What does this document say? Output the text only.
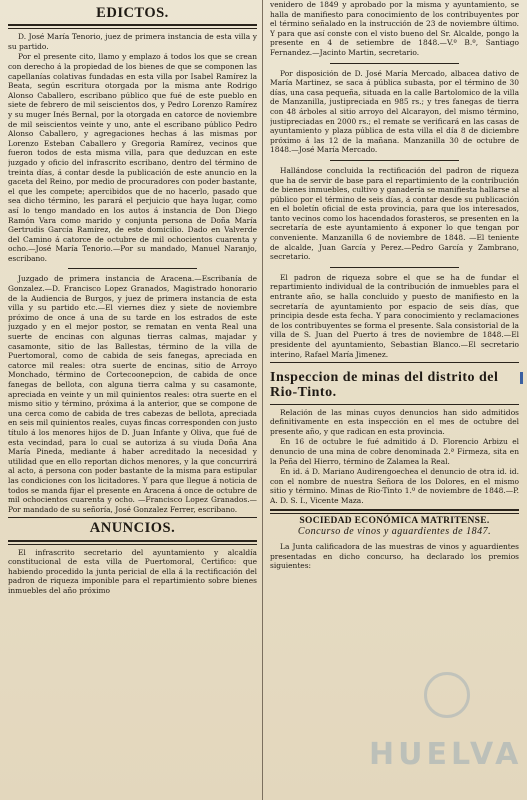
EDICTOS.

D. José María Tenorio, juez de primera instancia de esta villa y su partido.

Por el presente cito, llamo y emplazo á todos los que se crean con derecho á la propiedad de los bienes de que se componen las capellanías colativas fundadas en esta villa por Isabel Ramírez la Beata, según escritura otorgada por la misma ante Rodrigo Alonso Caballero, escribano público que fué de este pueblo en siete de febrero de mil seiscientos dos, y Pedro Lorenzo Ramírez y su muger Inés Bernal, por la otorgada en catorce de noviembre de mil seiscientos veinte y uno, ante el escribano público Pedro Alonso Caballero, y agregaciones hechas á las mismas por Lorenzo Esteban Caballero y Gregoria Ramírez, vecinos que fueron todos de esta misma villa, para que deduzcan en este juzgado y oficio del infrascrito escribano, dentro del término de treinta días, á contar desde la publicación de este anuncio en la gaceta del Reino, por medio de procuradores con poder bastante, el que les compete; apercibidos que de no hacerlo, pasado que sea dicho término, les parará el perjuicio que haya lugar, como así lo tengo mandado en los autos á instancia de Don Diego Ramón Vara como marido y conjunta persona de Doña María Gertrudis García Ramírez, de este domicilio. Dado en Valverde del Camino á catorce de octubre de mil ochocientos cuarenta y ocho.—José María Tenorio.—Por su mandado, Manuel Naranjo, escribano.

Juzgado de primera instancia de Aracena.—Escribanía de Gonzalez.—D. Francisco Lopez Granados, Magistrado honorario de la Audiencia de Burgos, y juez de primera instancia de esta villa y su partido etc.—El viernes diez y siete de noviembre próximo de once á una de su tarde en los estrados de este juzgado y en el mejor postor, se rematan en venta Real una suerte de encinas con algunas tierras calmas, majadar y casamonte, sitio de las Ballestas, término de la villa de Puertomoral, como de cabida de seis fanegas, apreciada en catorce mil reales: otra suerte de encinas, sitio de Arroyo Monchado, término de Cortecoonepcion, de cabida de once fanegas de bellota, con alguna tierra calma y su casamonte, apreciada en veinte y un mil quinientos reales: otra suerte en el mismo sitio y término, próxima á la anterior, que se compone de una cerca como de cabida de tres cabezas de bellota, apreciada en seis mil quinientos reales, cuyas fincas corresponden con justo título á los menores hijos de D. Juan Infante y Oliva, que fué de esta vecindad, para lo cual se autoriza á su viuda Doña Ana María Pineda, mediante á haber acreditado la necesidad y utilidad que en ello reportan dichos menores, y la que concurrirá al acto, á persona con poder bastante de la misma para estipular las condiciones con los licitadores. Y para que llegue á noticia de todos se manda fijar el presente en Aracena á once de octubre de mil ochocientos cuarenta y ocho. —Francisco Lopez Granados.—Por mandado de su señoría, José Gonzalez Ferrer, escribano.

ANUNCIOS.

El infrascrito secretario del ayuntamiento y alcaldía constitucional de esta villa de Puertomoral, Certifico: que habiendo procedido la junta pericial de ella á la rectificación del padron de riqueza imponible para el repartimiento sobre bienes inmuebles del año próximo

venidero de 1849 y aprobado por la misma y ayuntamiento, se halla de manifiesto para conocimiento de los contribuyentes por el término señalado en la instrucción de 23 de noviembre último. Y para que así conste con el visto bueno del Sr. Alcalde, pongo la presente en 4 de setiembre de 1848.—V.º B.º, Santiago Fernandez.—Jacinto Martin, secretario.

Por disposición de D. José María Mercado, albacea dativo de María Martinez, se saca á pública subasta, por el término de 30 días, una casa pequeña, situada en la calle Bartolomico de la villa de Manzanilla, justipreciada en 985 rs.; y tres fanegas de tierra con 48 árboles al sitio arroyo del Alcarayon, del mismo término, justipreciadas en 2000 rs.; el remate se verificará en las casas de ayuntamiento y plaza pública de esta villa el día 8 de diciembre próximo á las 12 de la mañana. Manzanilla 30 de octubre de 1848.—José María Mercado.

Hallándose concluida la rectificación del padron de riqueza que ha de servir de base para el repartimiento de la contribución de bienes inmuebles, cultivo y ganadería se manifiesta hallarse al público por el término de seis días, á contar desde su publicación en el boletín oficial de esta provincia, para que los interesados, tanto vecinos como los hacendados forasteros, se presenten en la secretaría de este ayuntamiento á exponer lo que tengan por conveniente. Manzanilla 6 de noviembre de 1848. —El teniente de alcalde, Juan García y Perez.—Pedro García y Zambrano, secretario.

El padron de riqueza sobre el que se ha de fundar el repartimiento individual de la contribución de inmuebles para el entrante año, se halla concluido y puesto de manifiesto en la secretaría de ayuntamiento por espacio de seis días, que principia desde esta fecha. Y para conocimiento y reclamaciones de los contribuyentes se forma el presente. Sala consistorial de la villa de S. Juan del Puerto á tres de noviembre de 1848.—El presidente del ayuntamiento, Sebastian Blanco.—El secretario interino, Rafael María Jimenez.

Inspeccion de minas del distrito del Rio-Tinto.

Relación de las minas cuyos denuncios han sido admitidos definitivamente en esta inspección en el mes de octubre del presente año, y que radican en esta provincia.

En 16 de octubre le fué admitido á D. Florencio Arbizu el denuncio de una mina de cobre denominada 2.ª Firmeza, sita en la Peña del Hierro, término de Zalamea la Real.

En id. á D. Mariano Audirengoechea el denuncio de otra id. id. con el nombre de nuestra Señora de los Dolores, en el mismo sitio y término. Minas de Rio-Tinto 1.º de noviembre de 1848.—P. A. D. S. I., Vicente Maza.

SOCIEDAD ECONÓMICA MATRITENSE.
Concurso de vinos y aguardientes de 1847.

La Junta calificadora de las muestras de vinos y aguardientes presentadas en dicho concurso, ha declarado los premios siguientes:

HUELVA
